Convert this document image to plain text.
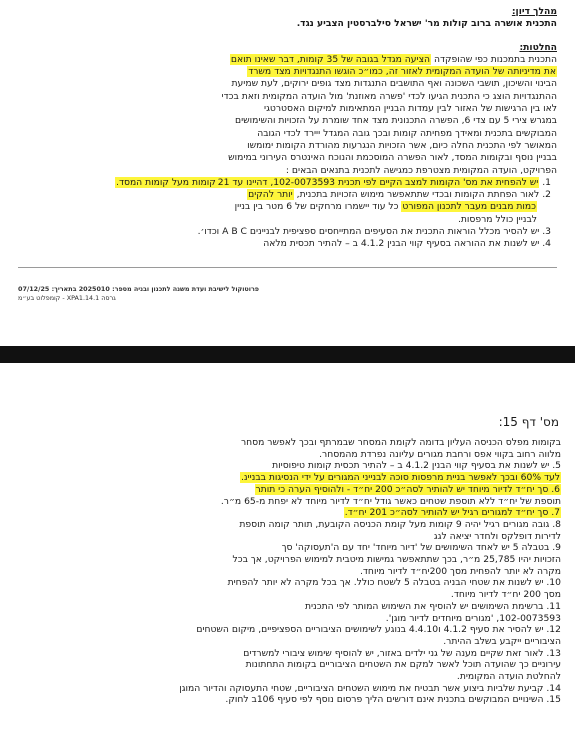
מהלך דיון:
התכנית אושרה ברוב קולות מר' ישראל סילברסטין הצביע נגד.
החלטות:
התכנית בתמכנות כפי שהופקדה הציעה מגדל בגובה של 35 קומות, דבר שאינו תואם
את מדיניותה של הועדה המקומית לאזור זה, כמו״כ הוגשו התנגדויות מצד משרד
הבינוי והשיכון, תושבי השכונה ואף התושבים התנגדות מצד גופים ירוקים, לעת שמיעת
ההתנגדויות הוצג כי התכנית הגיעו לכדי 'פשרה מאוזנת' מול הועדה המקומית וזאת בכדי
לאו בין הרגישות של האזור לבין עמדות הבניין המתאימות למיקום האסטרטגי
במגרש צירי 5 עם צדי 6, הפשרה התכנונית מצד אחד שומרת על הזכויות והשימושים
המבוקשים בתכנית ומאידך מפחיתה קומות ובכך גובה המגדל ייירד לכדי הגובה
המאושר לפי התכנית החלה כיום, אשר הזכויות הנגרעות מהורדת הקומות ימומשו
בבניין נוסף ובקומות המסד, לאור הפשרה המוסכמת והנוכח האינטרס העירוני במימוש
הפרויקט, הועדה המקומית מצטרפת כמגישה לתכנית בתנאים הבאים :
1. יש להפחית את מס' הקומות למצב הקיים לפי תכנית 102-0073593, דהיינו עד 21קומות מעל קומות המסד.
2. לאור הפחתת הקומות ובכדי שתתאפשר מימוש הזכויות בתכנית, יותר להקים
כמות מבנים מעבר לתכנון המפורט כל עוד יישמרו מרחקים של 6 מטר בין בניין
לבניין כולל מרפסות.
3. יש להסיר מכלל הוראות התכנית את הסעיפים המתייחסים ספציפית לבניינים A B C וכדו׳.
4. יש לשנות את ההוראה בסעיף קווי הבנין 4.1.2 ב – להתיר תכסית מלאה
פרוטוקול לישיבת ועדת משנה לתכנון ובניה מספר: 2025010 בתאריך: 07/12/25
גרסה XPA1.14.1 - קומפלוט בע״מ
מס' דף 15:
בקומות מפלס הכניסה העליון בדומה לקומת המסחר שבמרתף ובכך לאפשר מסחר
מלווה רחוב בקווי אפס ורחבת מגורים עליונה נפרדת מהמסחר.
5. יש לשנות את בסעיף קווי הבנין 4.1.2 ב – להתיר תכסית קומות טיפוסיות
לעד 60% ובכך לאפשר בניית מרפסות סוכה לבנייני המגורים על ידי הנסיגות בבניינ.
6. סך יח״ד לדיור מיוחד יש להותיר לסה״כ 200 יח״ד - ולהוסיף הערה כי תותר
תוספת של יח״ד ללא תוספת שטחים כאשר גודל יח״ד לדיור מיוחד לא יפחת מ-65 מ״ר.
7. סך יח״ד למגורים רגיל יש להותיר לסה״כ 201 יח״ד.
8. גובה מגורים רגיל יהיה 9 קומות מעל קומת הכניסה הקובעת, תותר קומה תוספת
לדירות דופלקס ולחדר יציאה לגג
9. בטבלה 5 יש לאחד השימושים של 'דיור מיוחד' יחד עם ה'תעסוקה' סך
הזכויות יהיו 25,785 מ״ר, בכך שתתאפשר גמישות מיטבית למימוש הפרויקט, אך בכל
מקרה לא יותר להפחית מסך 200יח״ד לדיור מיוחד.
10. יש לשנות את שטחי הבניה בטבלה 5 לשטח כולל. אך בכל מקרה לא יותר להפחית
מסך 200 יח״ד לדיור מיוחד.
11. ברשימת השימושים יש להוסיף את השימוש המותר לפי התכנית
102-0073593, 'מגורים מיוחדים לדיור מוגן'.
12. יש להסיר את סעיף 4.1.2 ו4.4.10 בנוגע לשימושים הציבוריים הספציפיים, מיקום השטחים
הציבוריים ייקבע בשלב ההיתר.
13. לאור זאת שקיים מענה של גני ילדים באזור, יש להוסיף שימוש ציבורי למשרדים
עירוניים כך שהועדה תוכל לאשר למקם את השטחים הציבוריים בקומות התחתונות
להחלטת הועדה המקומית.
14. קביעת שלביות ביצוע אשר תבטיח את מימוש השטחים הציבוריים, שטחי התעסוקה והדיור המוגן
15. השינויים המבוקשים בתכנית אינם דורשים הליך פרסום נוסף לפי סעיף 106ב לחוק.
